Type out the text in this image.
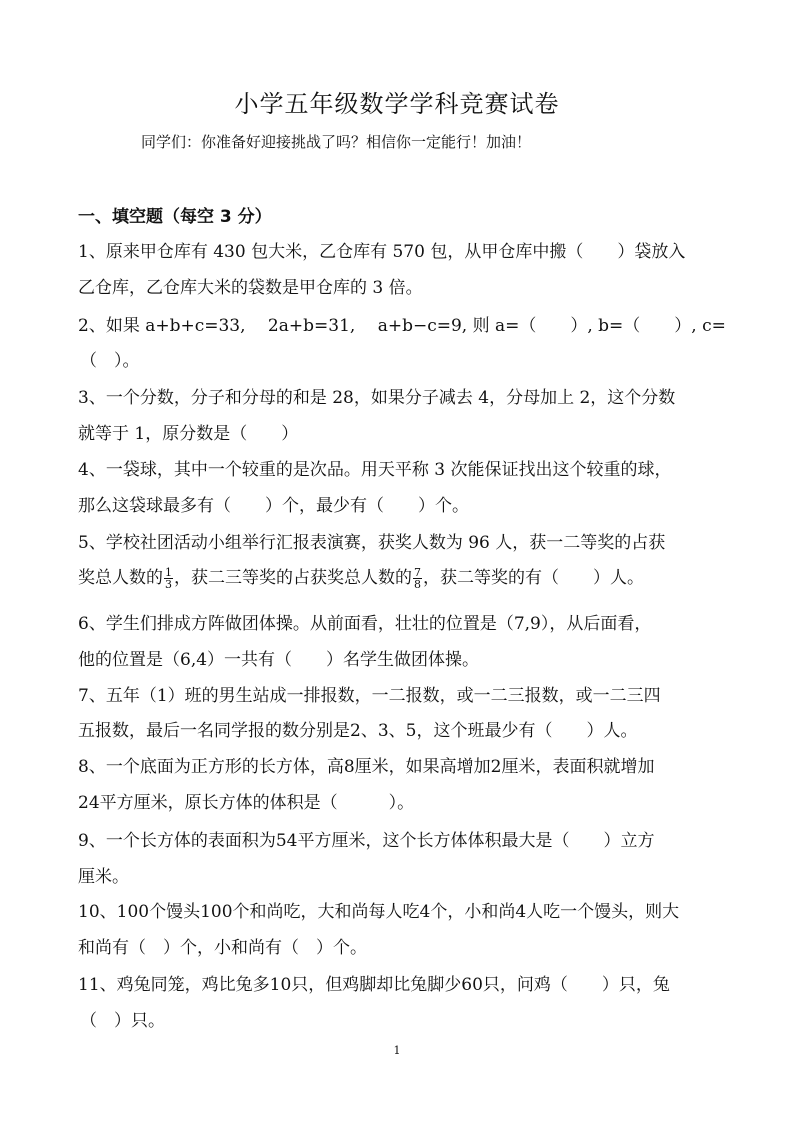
小学五年级数学学科竞赛试卷
同学们：你准备好迎接挑战了吗？相信你一定能行！加油！
一、填空题（每空 3 分）
1、原来甲仓库有 430 包大米，乙仓库有 570 包，从甲仓库中搬（　　）袋放入
乙仓库，乙仓库大米的袋数是甲仓库的 3 倍。
2、如果 a+b+c=33,　 2a+b=31,　 a+b−c=9, 则 a=（　　）, b=（　　）, c=
（　）。
3、一个分数，分子和分母的和是 28，如果分子减去 4，分母加上 2，这个分数
就等于 1，原分数是（　　）
4、一袋球，其中一个较重的是次品。用天平称 3 次能保证找出这个较重的球，
那么这袋球最多有（　　）个，最少有（　　）个。
5、学校社团活动小组举行汇报表演赛，获奖人数为 96 人，获一二等奖的占获
奖总人数的 $\frac{1}{3}$ ，获二三等奖的占获奖总人数的 $\frac{7}{8}$ ，获二等奖的有（　　）人。
6、学生们排成方阵做团体操。从前面看，壮壮的位置是（7,9），从后面看，
他的位置是（6,4）一共有（　　）名学生做团体操。
7、五年（1）班的男生站成一排报数，一二报数，或一二三报数，或一二三四
五报数，最后一名同学报的数分别是2、3、5，这个班最少有（　　）人。
8、一个底面为正方形的长方体，高8厘米，如果高增加2厘米，表面积就增加
24平方厘米，原长方体的体积是（　　　）。
9、一个长方体的表面积为54平方厘米，这个长方体体积最大是（　　）立方
厘米。
10、100个馒头100个和尚吃，大和尚每人吃4个，小和尚4人吃一个馒头，则大
和尚有（　）个，小和尚有（　）个。
11、鸡兔同笼，鸡比兔多10只，但鸡脚却比兔脚少60只，问鸡（　　）只，兔
（　）只。
1
